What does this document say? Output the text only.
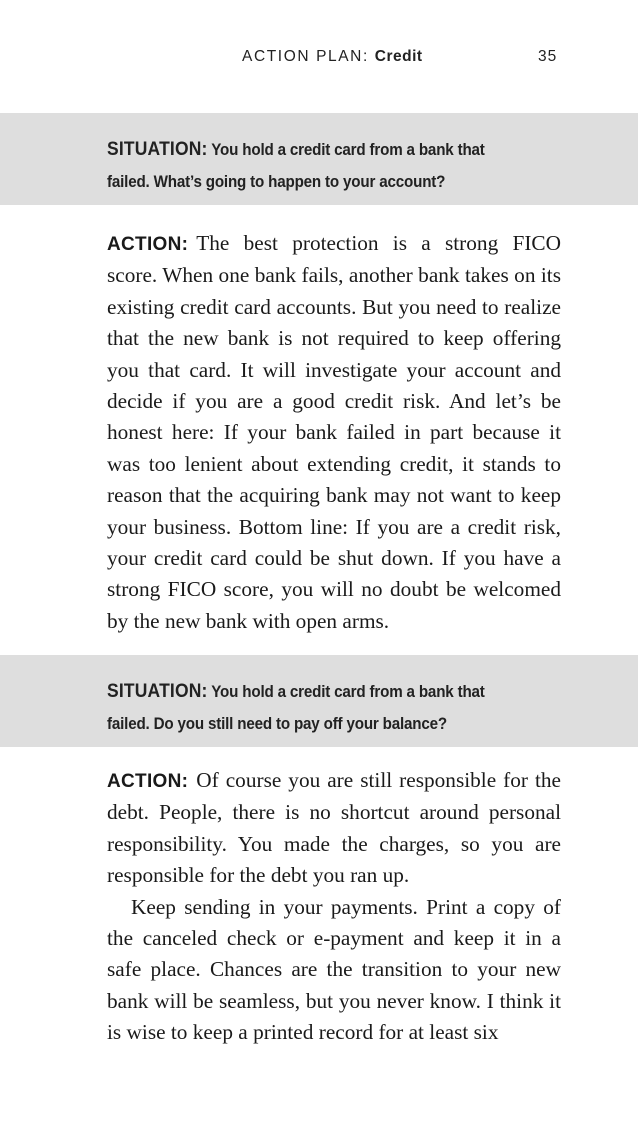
ACTION PLAN: Credit	35

SITUATION: You hold a credit card from a bank that failed. What’s going to happen to your account?

ACTION: The best protection is a strong FICO score. When one bank fails, another bank takes on its existing credit card accounts. But you need to realize that the new bank is not required to keep offering you that card. It will investigate your account and decide if you are a good credit risk. And let’s be honest here: If your bank failed in part because it was too lenient about extending credit, it stands to reason that the acquiring bank may not want to keep your business. Bottom line: If you are a credit risk, your credit card could be shut down. If you have a strong FICO score, you will no doubt be welcomed by the new bank with open arms.

SITUATION: You hold a credit card from a bank that failed. Do you still need to pay off your balance?

ACTION: Of course you are still responsible for the debt. People, there is no shortcut around personal responsibility. You made the charges, so you are responsible for the debt you ran up.

Keep sending in your payments. Print a copy of the canceled check or e-payment and keep it in a safe place. Chances are the transition to your new bank will be seamless, but you never know. I think it is wise to keep a printed record for at least six
